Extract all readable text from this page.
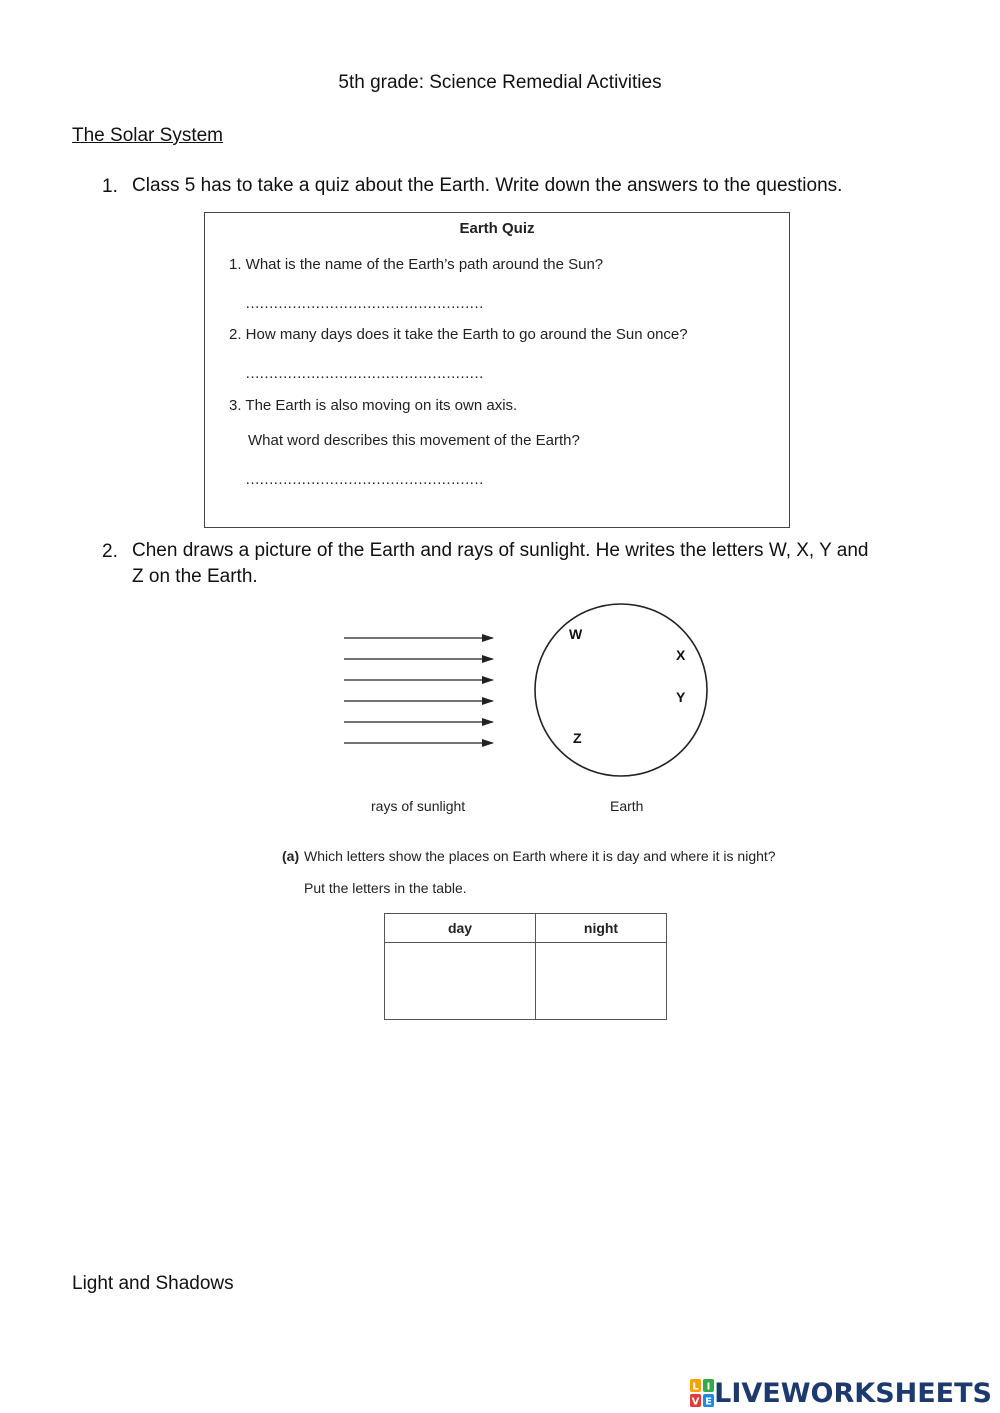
5th grade: Science Remedial Activities
The Solar System
1. Class 5 has to take a quiz about the Earth. Write down the answers to the questions.
Earth Quiz
1. What is the name of the Earth’s path around the Sun?
……………………………………………
2. How many days does it take the Earth to go around the Sun once?
……………………………………………
3. The Earth is also moving on its own axis.
What word describes this movement of the Earth?
……………………………………………
2. Chen draws a picture of the Earth and rays of sunlight. He writes the letters W, X, Y and
Z on the Earth.
W
X
Y
Z
rays of sunlight	Earth
(a) Which letters show the places on Earth where it is day and where it is night?
Put the letters in the table.
day	night

Light and Shadows
L I
V E LIVEWORKSHEETS
